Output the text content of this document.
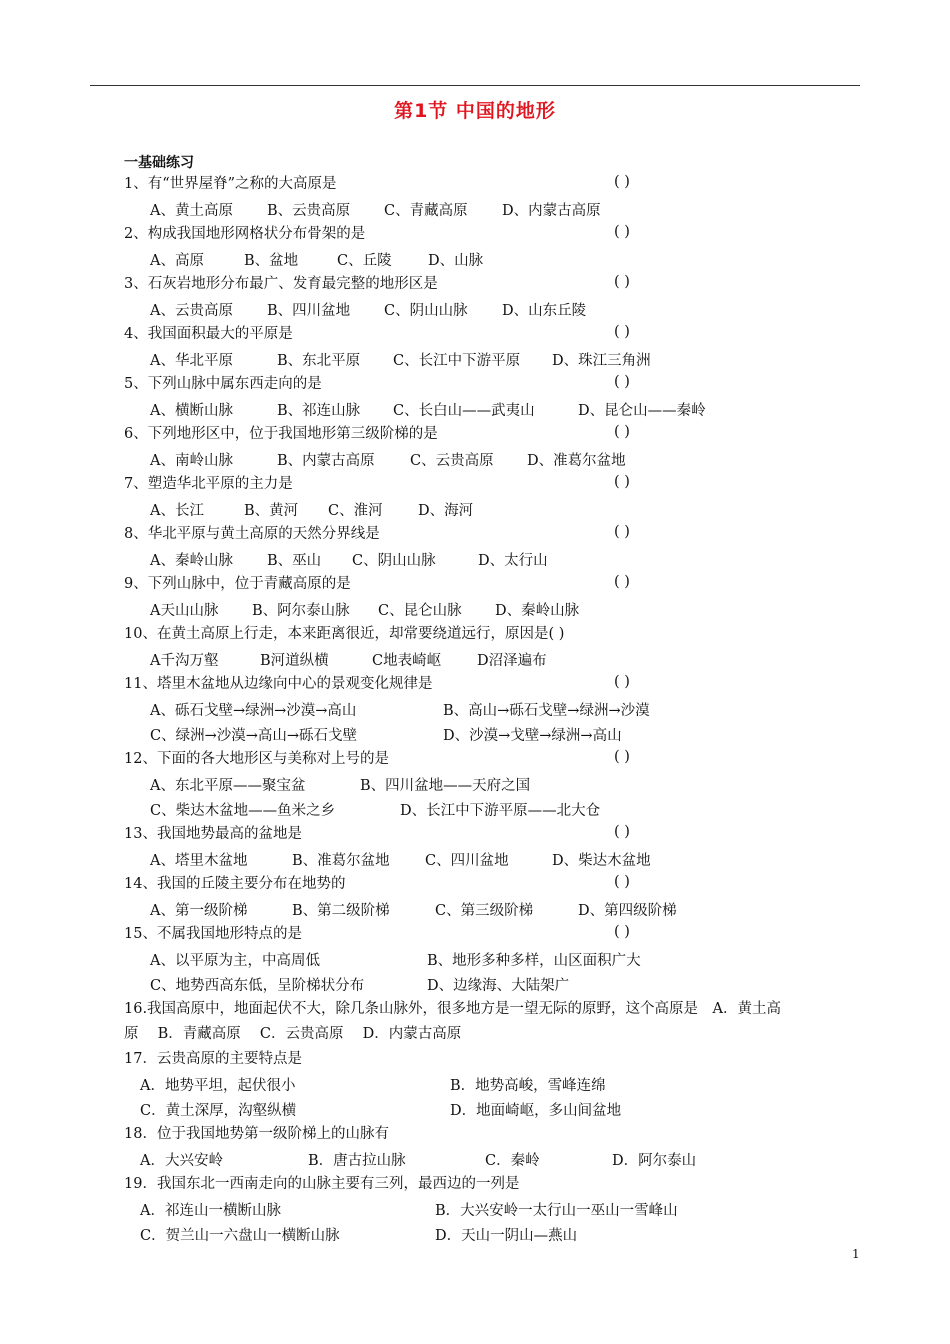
第1节 中国的地形
一基础练习
1、有“世界屋脊”之称的大高原是	( )
A、黄土高原 B、云贵高原 C、青藏高原 D、内蒙古高原
2、构成我国地形网格状分布骨架的是	( )
A、高原	B、盆地	C、丘陵	D、山脉
3、石灰岩地形分布最广、发育最完整的地形区是	( )
A、云贵高原 B、四川盆地 C、阴山山脉 D、山东丘陵
4、我国面积最大的平原是	( )
A、华北平原	B、东北平原 C、长江中下游平原 D、珠江三角洲
5、下列山脉中属东西走向的是	( )
A、横断山脉	B、祁连山脉 C、长白山——武夷山	D、昆仑山——秦岭
6、下列地形区中，位于我国地形第三级阶梯的是	( )
A、南岭山脉	B、内蒙古高原 C、云贵高原 D、准葛尔盆地
7、塑造华北平原的主力是	( )
A、长江	B、黄河 C、淮河 D、海河
8、华北平原与黄土高原的天然分界线是	( )
A、秦岭山脉 B、巫山 C、阴山山脉	D、太行山
9、下列山脉中，位于青藏高原的是	( )
A天山山脉 B、阿尔泰山脉 C、昆仑山脉 D、秦岭山脉
10、在黄土高原上行走，本来距离很近，却常要绕道远行，原因是( )
A千沟万壑	B河道纵横	C地表崎岖 D沼泽遍布
11、塔里木盆地从边缘向中心的景观变化规律是	( )
A、砾石戈壁→绿洲→沙漠→高山	B、高山→砾石戈壁→绿洲→沙漠
C、绿洲→沙漠→高山→砾石戈壁	D、沙漠→戈壁→绿洲→高山
12、下面的各大地形区与美称对上号的是	( )
A、东北平原——聚宝盆	B、四川盆地——天府之国
C、柴达木盆地——鱼米之乡	D、长江中下游平原——北大仓
13、我国地势最高的盆地是	( )
A、塔里木盆地	B、准葛尔盆地 C、四川盆地	D、柴达木盆地
14、我国的丘陵主要分布在地势的	( )
A、第一级阶梯	B、第二级阶梯	C、第三级阶梯	D、第四级阶梯
15、不属我国地形特点的是	( )
A、以平原为主，中高周低	B、地形多种多样，山区面积广大
C、地势西高东低，呈阶梯状分布	D、边缘海、大陆架广
16.我国高原中，地面起伏不大，除几条山脉外，很多地方是一望无际的原野，这个高原是　A．黄土高
原　 B．青藏高原　 C．云贵高原　 D．内蒙古高原
17．云贵高原的主要特点是
A．地势平坦，起伏很小	B．地势高峻，雪峰连绵
C．黄土深厚，沟壑纵横	D．地面崎岖，多山间盆地
18．位于我国地势第一级阶梯上的山脉有
A．大兴安岭	B．唐古拉山脉	C．秦岭	D．阿尔泰山
19．我国东北一西南走向的山脉主要有三列，最西边的一列是
A．祁连山一横断山脉	B．大兴安岭一太行山一巫山一雪峰山
C．贺兰山一六盘山一横断山脉	D．天山一阴山—燕山
1
